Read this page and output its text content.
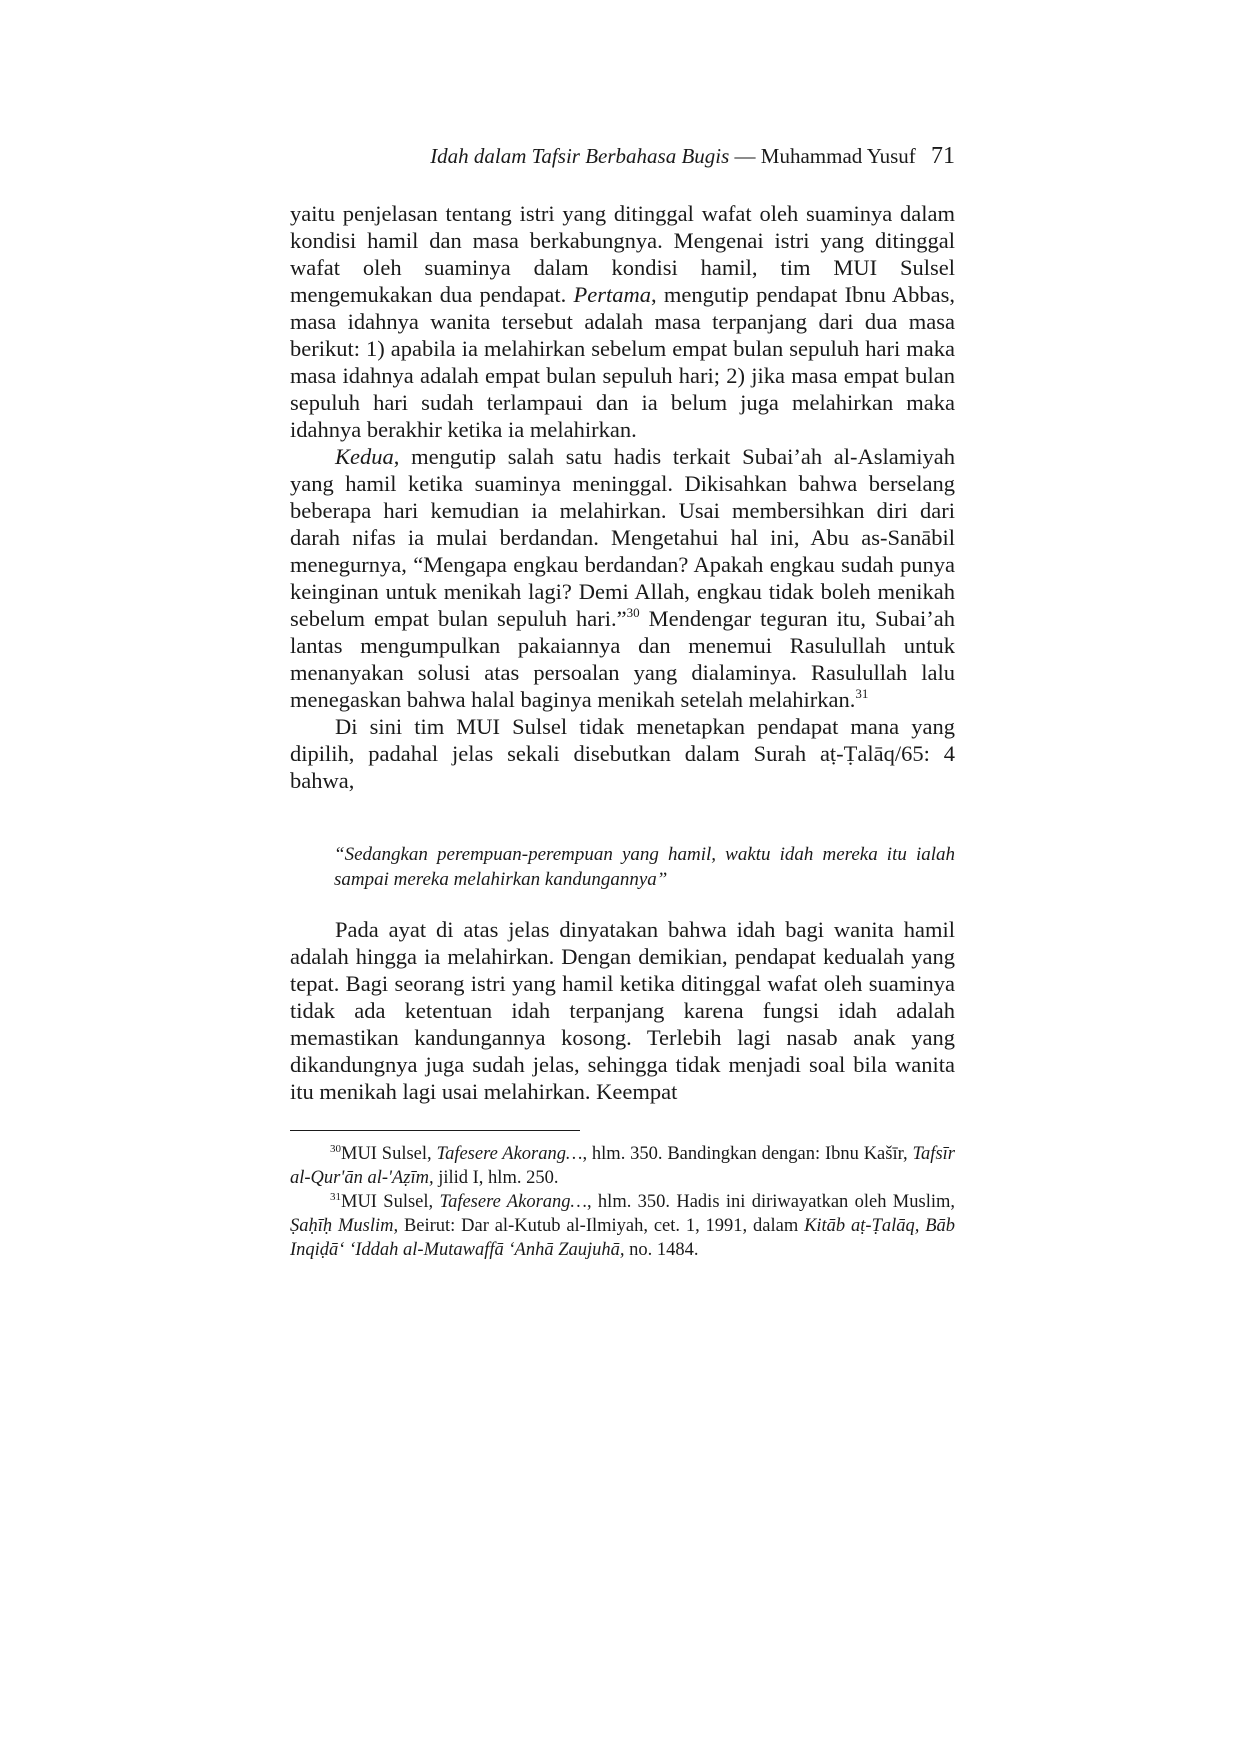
Idah dalam Tafsir Berbahasa Bugis — Muhammad Yusuf 71

yaitu penjelasan tentang istri yang ditinggal wafat oleh suaminya dalam kondisi hamil dan masa berkabungnya. Mengenai istri yang ditinggal wafat oleh suaminya dalam kondisi hamil, tim MUI Sulsel mengemukakan dua pendapat. Pertama, mengutip pendapat Ibnu Abbas, masa idahnya wanita tersebut adalah masa terpanjang dari dua masa berikut: 1) apabila ia melahirkan sebelum empat bulan sepuluh hari maka masa idahnya adalah empat bulan sepuluh hari; 2) jika masa empat bulan sepuluh hari sudah terlampaui dan ia belum juga melahirkan maka idahnya berakhir ketika ia melahirkan.

Kedua, mengutip salah satu hadis terkait Subai’ah al-Aslamiyah yang hamil ketika suaminya meninggal. Dikisahkan bahwa berselang beberapa hari kemudian ia melahirkan. Usai membersihkan diri dari darah nifas ia mulai berdandan. Mengetahui hal ini, Abu as-Sanābil menegurnya, “Mengapa engkau berdandan? Apakah engkau sudah punya keinginan untuk menikah lagi? Demi Allah, engkau tidak boleh menikah sebelum empat bulan sepuluh hari.”$^{30}$ Mendengar teguran itu, Subai’ah lantas mengumpulkan pakaiannya dan menemui Rasulullah untuk menanyakan solusi atas persoalan yang dialaminya. Rasulullah lalu menegaskan bahwa halal baginya menikah setelah melahirkan.$^{31}$

Di sini tim MUI Sulsel tidak menetapkan pendapat mana yang dipilih, padahal jelas sekali disebutkan dalam Surah aṭ-Ṭalāq/65: 4 bahwa,

“Sedangkan perempuan-perempuan yang hamil, waktu idah mereka itu ialah sampai mereka melahirkan kandungannya”

Pada ayat di atas jelas dinyatakan bahwa idah bagi wanita hamil adalah hingga ia melahirkan. Dengan demikian, pendapat kedualah yang tepat. Bagi seorang istri yang hamil ketika ditinggal wafat oleh suaminya tidak ada ketentuan idah terpanjang karena fungsi idah adalah memastikan kandungannya kosong. Terlebih lagi nasab anak yang dikandungnya juga sudah jelas, sehingga tidak menjadi soal bila wanita itu menikah lagi usai melahirkan. Keempat

$^{30}$MUI Sulsel, Tafesere Akorang…, hlm. 350. Bandingkan dengan: Ibnu Kašīr, Tafsīr al-Qur'ān al-'Aẓīm, jilid I, hlm. 250.

$^{31}$MUI Sulsel, Tafesere Akorang…, hlm. 350. Hadis ini diriwayatkan oleh Muslim, Ṣaḥīḥ Muslim, Beirut: Dar al-Kutub al-Ilmiyah, cet. 1, 1991, dalam Kitāb aṭ-Ṭalāq, Bāb Inqiḍā‘ ‘Iddah al-Mutawaffā ‘Anhā Zaujuhā, no. 1484.
